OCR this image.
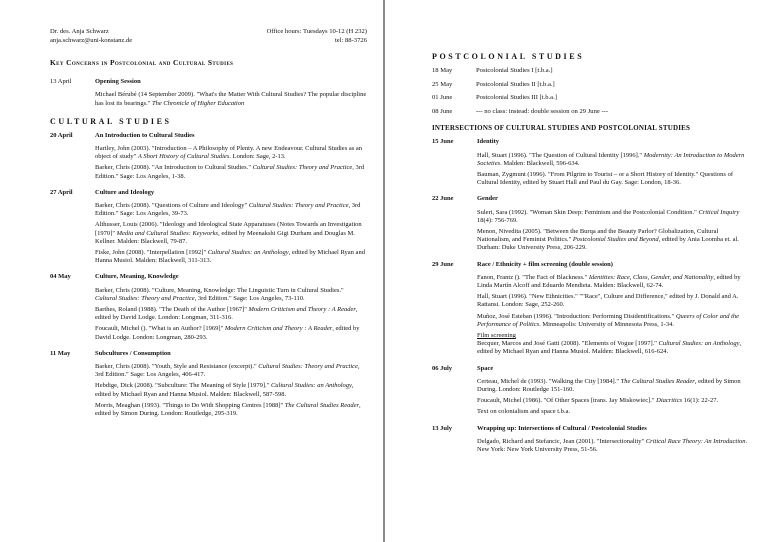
Dr. des. Anja Schwarz
anja.schwarz@uni-konstanz.de
Office hours: Tuesdays 10-12 (H 232)
tel: 88-3726
Key Concerns in Postcolonial and Cultural Studies
13 April	Opening Session
Michael Bérubé (14 September 2009). "What's the Matter With Cultural Studies? The popular discipline has lost its bearings." The Chronicle of Higher Education
CULTURAL STUDIES
20 April	An Introduction to Cultural Studies
Hartley, John (2003). "Introduction – A Philosophy of Plenty. A new Endeavour. Cultural Studies as an object of study" A Short History of Cultural Studies. London: Sage, 2-13.
Barker, Chris (2008). "An Introduction to Cultural Studies." Cultural Studies: Theory and Practice, 3rd Edition." Sage: Los Angeles, 1-38.
27 April	Culture and Ideology
Barker, Chris (2008). "Questions of Culture and Ideology" Cultural Studies: Theory and Practice, 3rd Edition." Sage: Los Angeles, 39-73.
Althusser, Louis (2006). "Ideology and Ideological State Apparatuses (Notes Towards an Investigation [1970]" Media and Cultural Studies: Keyworks, edited by Meenakshi Gigi Durham and Douglas M. Kellner. Malden: Blackwell, 79-87.
Fiske, John (2008). "Interpellation [1992]" Cultural Studies: an Anthology, edited by Michael Ryan and Hanna Musiol. Malden: Blackwell, 311-313.
04 May	Culture, Meaning, Knowledge
Barker, Chris (2008). "Culture, Meaning, Knowledge: The Linguistic Turn in Cultural Studies." Cultural Studies: Theory and Practice, 3rd Edition." Sage: Los Angeles, 73-110.
Barthes, Roland (1988). "The Death of the Author [1967]" Modern Criticism and Theory : A Reader, edited by David Lodge. London: Longman, 311-316.
Foucault, Michel (). "What is an Author? [1969]" Modern Criticism and Theory : A Reader, edited by David Lodge. London: Longman, 280-293.
11 May	Subcultures / Consumption
Barker, Chris (2008). "Youth, Style and Resistance (excerpt)." Cultural Studies: Theory and Practice, 3rd Edition." Sage: Los Angeles, 406-417.
Hebdige, Dick (2008). "Subculture: The Meaning of Style [1979]." Cultural Studies: an Anthology, edited by Michael Ryan and Hanna Musiol. Malden: Blackwell, 587-598.
Morris, Meaghan (1993). "Things to Do With Shopping Centres [1988]" The Cultural Studies Reader, edited by Simon During. London: Routledge, 295-319.
POSTCOLONIAL STUDIES
18 May	Postcolonial Studies I [t.b.a.]
25 May	Postcolonial Studies II [t.b.a.]
01 June	Postcolonial Studies III [t.b.a.]
08 June	--- no class: instead: double session on 29 June ---
INTERSECTIONS OF CULTURAL STUDIES AND POSTCOLONIAL STUDIES
15 June	Identity
Hall, Stuart (1996). "The Question of Cultural Identity [1996]." Modernity: An Introduction to Modern Societies. Malden: Blackwell, 596-634.
Bauman, Zygmunt (1996). "From Pilgrim to Tourist – or a Short History of Identity." Questions of Cultural Identity, edited by Stuart Hall and Paul du Gay. Sage: London, 18-36.
22 June	Gender
Suleri, Sara (1992). "Woman Skin Deep: Feminism and the Postcolonial Condition." Critical Inquiry 18(4): 756-769.
Menon, Nivedita (2005). "Between the Burqa and the Beauty Parlor? Globalization, Cultural Nationalism, and Feminist Politics." Postcolonial Studies and Beyond, edited by Ania Loomba et. al. Durham: Duke University Press, 206-229.
29 June	Race / Ethnicity + film screening (double session)
Fanon, Frantz (). "The Fact of Blackness." Identities: Race, Class, Gender, and Nationality, edited by Linda Martín Alcoff and Eduardo Mendieta. Malden: Blackwell, 62-74.
Hall, Stuart (1996). "New Ethnicities." ""Race", Culture and Difference," edited by J. Donald and A. Rattansi. London: Sage, 252-260.
Muñoz, José Esteban (1996). "Introduction: Performing Disidentifications." Queers of Color and the Performance of Politics. Minneapolis: University of Minnesota Press, 1-34.
Film screening
Becquer, Marcos and José Gatti (2008). "Elements of Vogue [1997]." Cultural Studies: an Anthology, edited by Michael Ryan and Hanna Musiol. Malden: Blackwell, 616-624.
06 July	Space
Certeau, Michel de (1993). "Walking the City [1984]." The Cultural Studies Reader, edited by Simon During. London: Routledge 151-160.
Foucault, Michel (1986). "Of Other Spaces [trans. Jay Miskowiec]." Diacritics 16(1): 22-27.
Text on colonialism and space t.b.a.
13 July	Wrapping up: Intersections of Cultural / Postcolonial Studies
Delgado, Richard and Stefancic, Jean (2001). "Intersectionality" Critical Race Theory: An Introduction. New York: New York University Press, 51-56.
